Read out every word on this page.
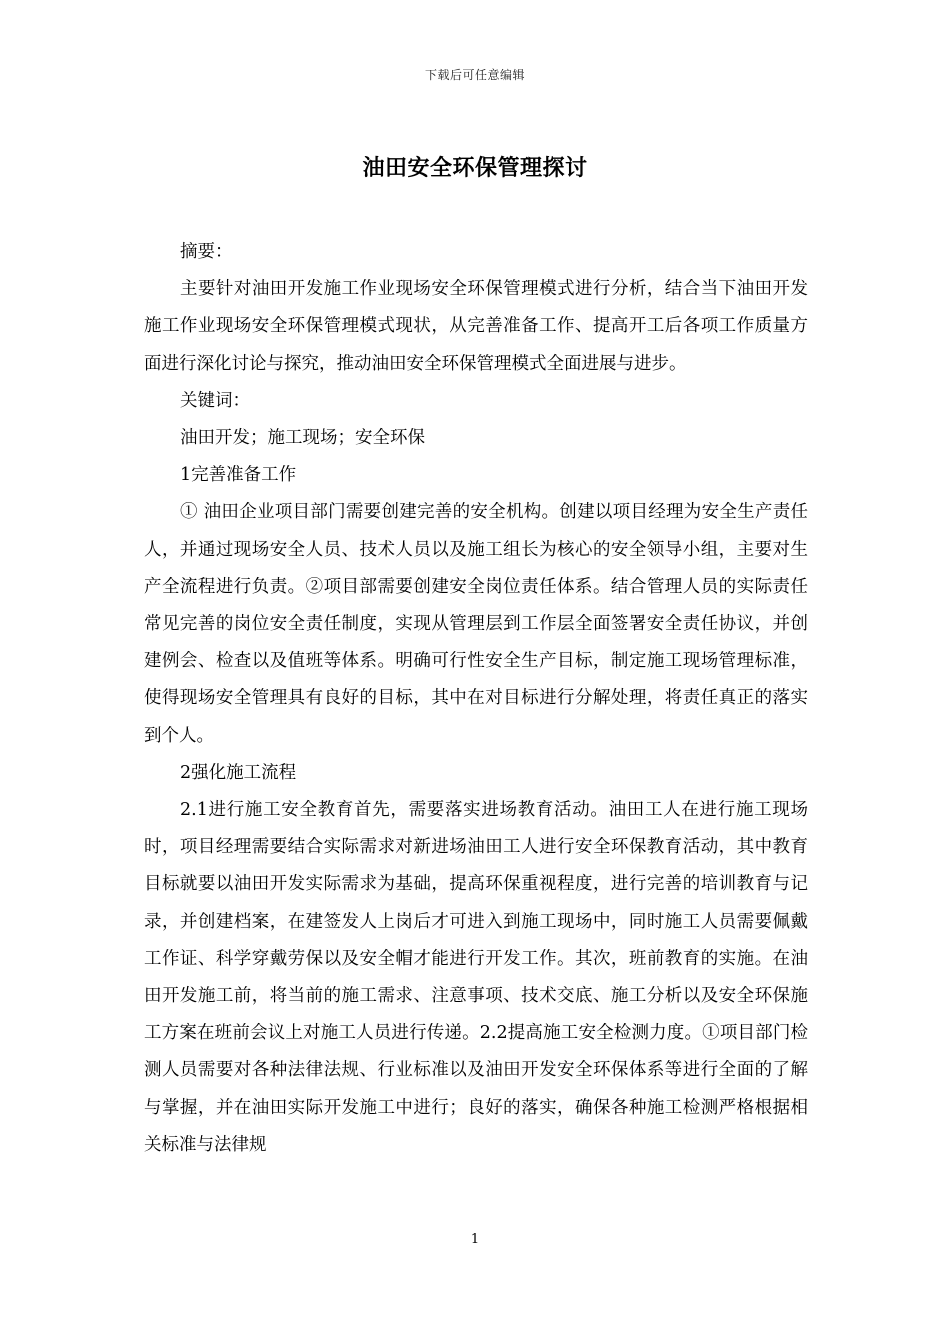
下载后可任意编辑
油田安全环保管理探讨

摘要：

主要针对油田开发施工作业现场安全环保管理模式进行分析，结合当下油田开发施工作业现场安全环保管理模式现状，从完善准备工作、提高开工后各项工作质量方面进行深化讨论与探究，推动油田安全环保管理模式全面进展与进步。

关键词：

油田开发；施工现场；安全环保

1完善准备工作

① 油田企业项目部门需要创建完善的安全机构。创建以项目经理为安全生产责任人，并通过现场安全人员、技术人员以及施工组长为核心的安全领导小组，主要对生产全流程进行负责。②项目部需要创建安全岗位责任体系。结合管理人员的实际责任常见完善的岗位安全责任制度，实现从管理层到工作层全面签署安全责任协议，并创建例会、检查以及值班等体系。明确可行性安全生产目标，制定施工现场管理标准，使得现场安全管理具有良好的目标，其中在对目标进行分解处理，将责任真正的落实到个人。

2强化施工流程

2.1进行施工安全教育首先，需要落实进场教育活动。油田工人在进行施工现场时，项目经理需要结合实际需求对新进场油田工人进行安全环保教育活动，其中教育目标就要以油田开发实际需求为基础，提高环保重视程度，进行完善的培训教育与记录，并创建档案，在建签发人上岗后才可进入到施工现场中，同时施工人员需要佩戴工作证、科学穿戴劳保以及安全帽才能进行开发工作。其次，班前教育的实施。在油田开发施工前，将当前的施工需求、注意事项、技术交底、施工分析以及安全环保施工方案在班前会议上对施工人员进行传递。2.2提高施工安全检测力度。①项目部门检测人员需要对各种法律法规、行业标准以及油田开发安全环保体系等进行全面的了解与掌握，并在油田实际开发施工中进行；良好的落实，确保各种施工检测严格根据相关标准与法律规

1
